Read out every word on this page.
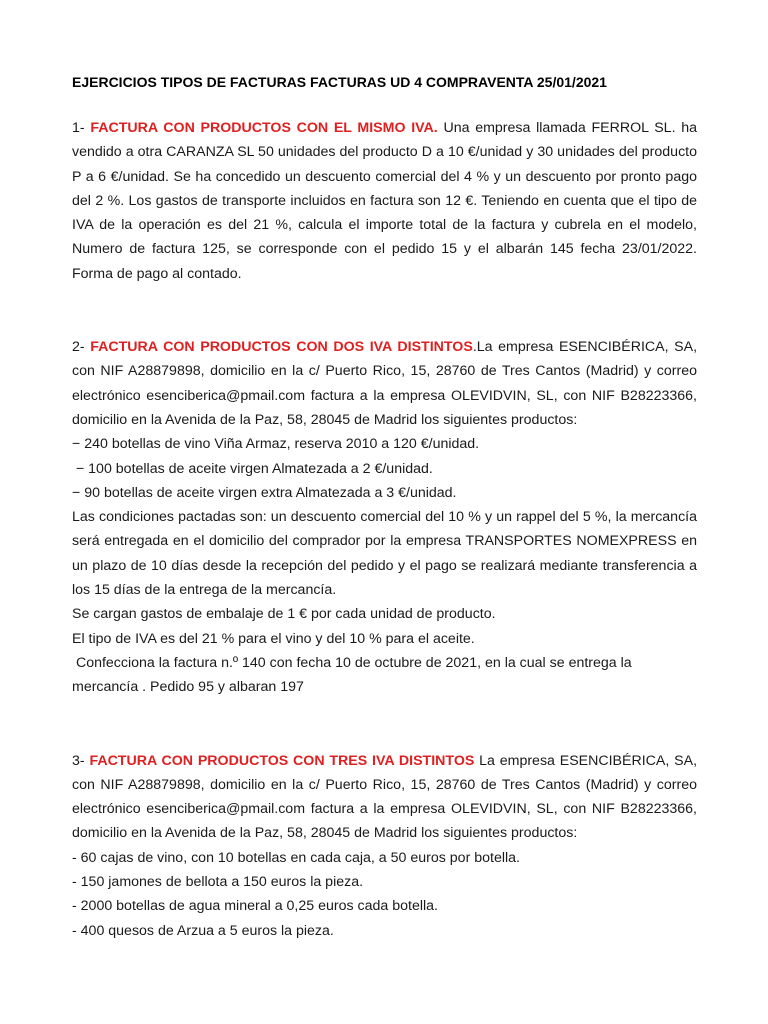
EJERCICIOS TIPOS DE FACTURAS FACTURAS UD 4 COMPRAVENTA 25/01/2021

1- FACTURA CON PRODUCTOS CON EL MISMO IVA. Una empresa llamada FERROL SL. ha vendido a otra CARANZA SL 50 unidades del producto D a 10 €/unidad y 30 unidades del producto P a 6 €/unidad. Se ha concedido un descuento comercial del 4 % y un descuento por pronto pago del 2 %. Los gastos de transporte incluidos en factura son 12 €. Teniendo en cuenta que el tipo de IVA de la operación es del 21 %, calcula el importe total de la factura y cubrela en el modelo, Numero de factura 125, se corresponde con el pedido 15 y el albarán 145 fecha 23/01/2022. Forma de pago al contado.

2- FACTURA CON PRODUCTOS CON DOS IVA DISTINTOS.La empresa ESENCIBÉRICA, SA, con NIF A28879898, domicilio en la c/ Puerto Rico, 15, 28760 de Tres Cantos (Madrid) y correo electrónico esenciberica@pmail.com factura a la empresa OLEVIDVIN, SL, con NIF B28223366, domicilio en la Avenida de la Paz, 58, 28045 de Madrid los siguientes productos:

− 240 botellas de vino Viña Armaz, reserva 2010 a 120 €/unidad.

− 100 botellas de aceite virgen Almatezada a 2 €/unidad.

− 90 botellas de aceite virgen extra Almatezada a 3 €/unidad.

Las condiciones pactadas son: un descuento comercial del 10 % y un rappel del 5 %, la mercancía será entregada en el domicilio del comprador por la empresa TRANSPORTES NOMEXPRESS en un plazo de 10 días desde la recepción del pedido y el pago se realizará mediante transferencia a los 15 días de la entrega de la mercancía.

Se cargan gastos de embalaje de 1 € por cada unidad de producto.

El tipo de IVA es del 21 % para el vino y del 10 % para el aceite.

Confecciona la factura n.º 140 con fecha 10 de octubre de 2021, en la cual se entrega la mercancía . Pedido 95 y albaran 197

3- FACTURA CON PRODUCTOS CON TRES IVA DISTINTOS La empresa ESENCIBÉRICA, SA, con NIF A28879898, domicilio en la c/ Puerto Rico, 15, 28760 de Tres Cantos (Madrid) y correo electrónico esenciberica@pmail.com factura a la empresa OLEVIDVIN, SL, con NIF B28223366, domicilio en la Avenida de la Paz, 58, 28045 de Madrid los siguientes productos:

- 60 cajas de vino, con 10 botellas en cada caja, a 50 euros por botella.

- 150 jamones de bellota a 150 euros la pieza.

- 2000 botellas de agua mineral a 0,25 euros cada botella.

- 400 quesos de Arzua a 5 euros la pieza.
